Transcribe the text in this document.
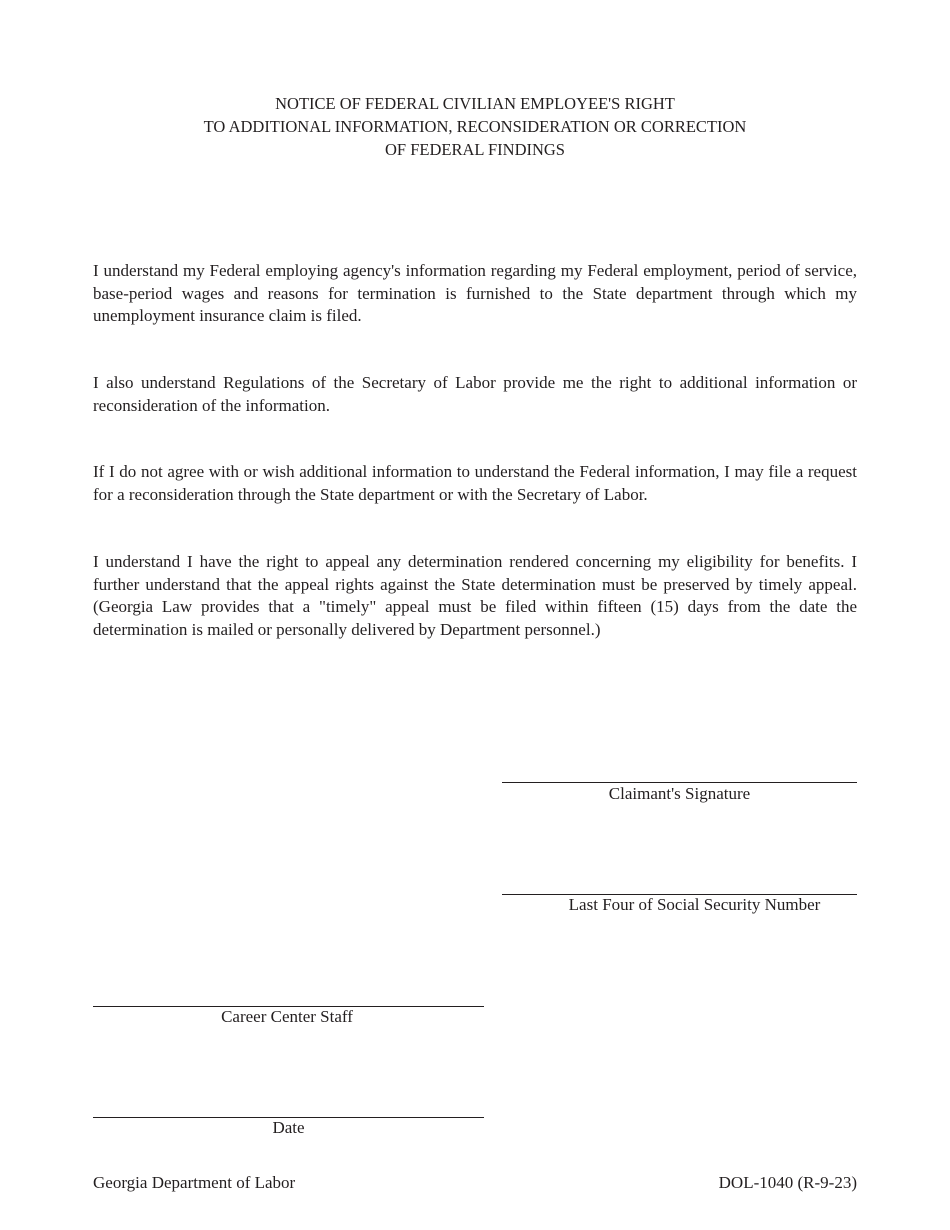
NOTICE OF FEDERAL CIVILIAN EMPLOYEE'S RIGHT
TO ADDITIONAL INFORMATION, RECONSIDERATION OR CORRECTION
OF FEDERAL FINDINGS

I understand my Federal employing agency's information regarding my Federal employment, period of service, base-period wages and reasons for termination is furnished to the State department through which my unemployment insurance claim is filed.

I also understand Regulations of the Secretary of Labor provide me the right to additional information or reconsideration of the information.

If I do not agree with or wish additional information to understand the Federal information, I may file a request for a reconsideration through the State department or with the Secretary of Labor.

I understand I have the right to appeal any determination rendered concerning my eligibility for benefits. I further understand that the appeal rights against the State determination must be preserved by timely appeal. (Georgia Law provides that a "timely" appeal must be filed within fifteen (15) days from the date the determination is mailed or personally delivered by Department personnel.)

Claimant's Signature
Last Four of Social Security Number
Career Center Staff
Date
Georgia Department of Labor	DOL-1040 (R-9-23)
